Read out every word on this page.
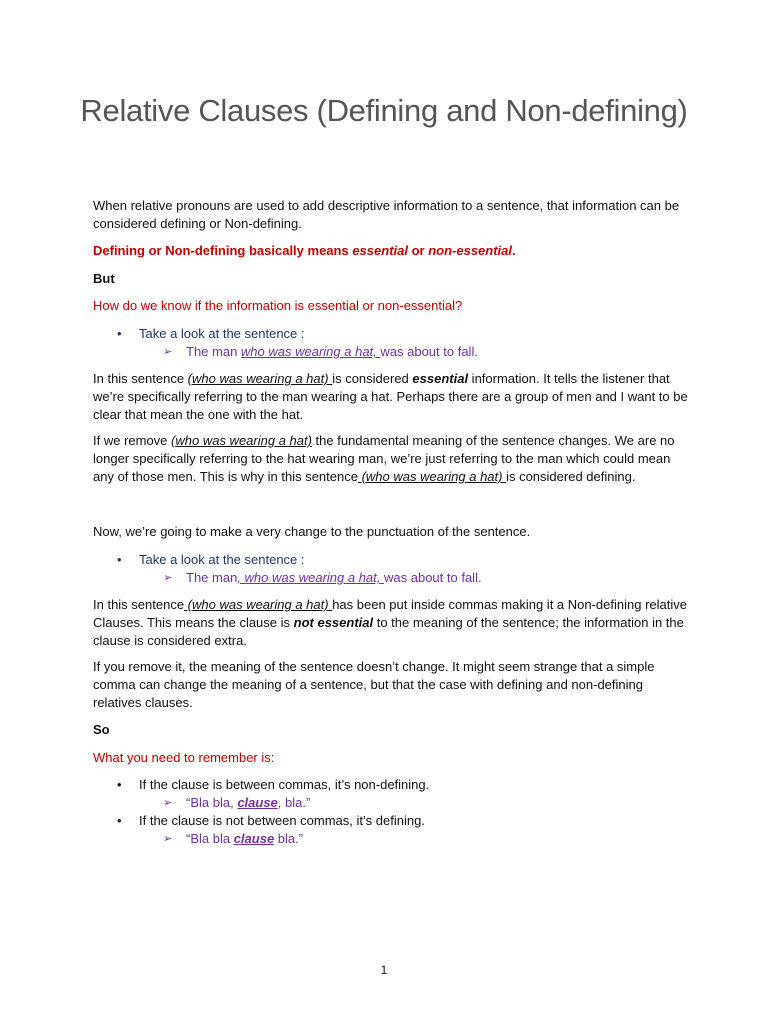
Relative Clauses (Defining and Non-defining)

When relative pronouns are used to add descriptive information to a sentence, that information can be considered defining or Non-defining.

Defining or Non-defining basically means essential or non-essential.

But

How do we know if the information is essential or non-essential?

• Take a look at the sentence :

➢ The man who was wearing a hat, was about to fall.

In this sentence (who was wearing a hat) is considered essential information. It tells the listener that we’re specifically referring to the man wearing a hat. Perhaps there are a group of men and I want to be clear that mean the one with the hat.

If we remove (who was wearing a hat) the fundamental meaning of the sentence changes. We are no longer specifically referring to the hat wearing man, we’re just referring to the man which could mean any of those men. This is why in this sentence (who was wearing a hat) is considered defining.

Now, we’re going to make a very change to the punctuation of the sentence.

• Take a look at the sentence :

➢ The man, who was wearing a hat, was about to fall.

In this sentence (who was wearing a hat) has been put inside commas making it a Non-defining relative Clauses. This means the clause is not essential to the meaning of the sentence; the information in the clause is considered extra.

If you remove it, the meaning of the sentence doesn’t change. It might seem strange that a simple comma can change the meaning of a sentence, but that the case with defining and non-defining relatives clauses.

So

What you need to remember is:

• If the clause is between commas, it’s non-defining.

➢ “Bla bla, clause, bla.”

• If the clause is not between commas, it’s defining.

➢ “Bla bla clause bla.”

1
